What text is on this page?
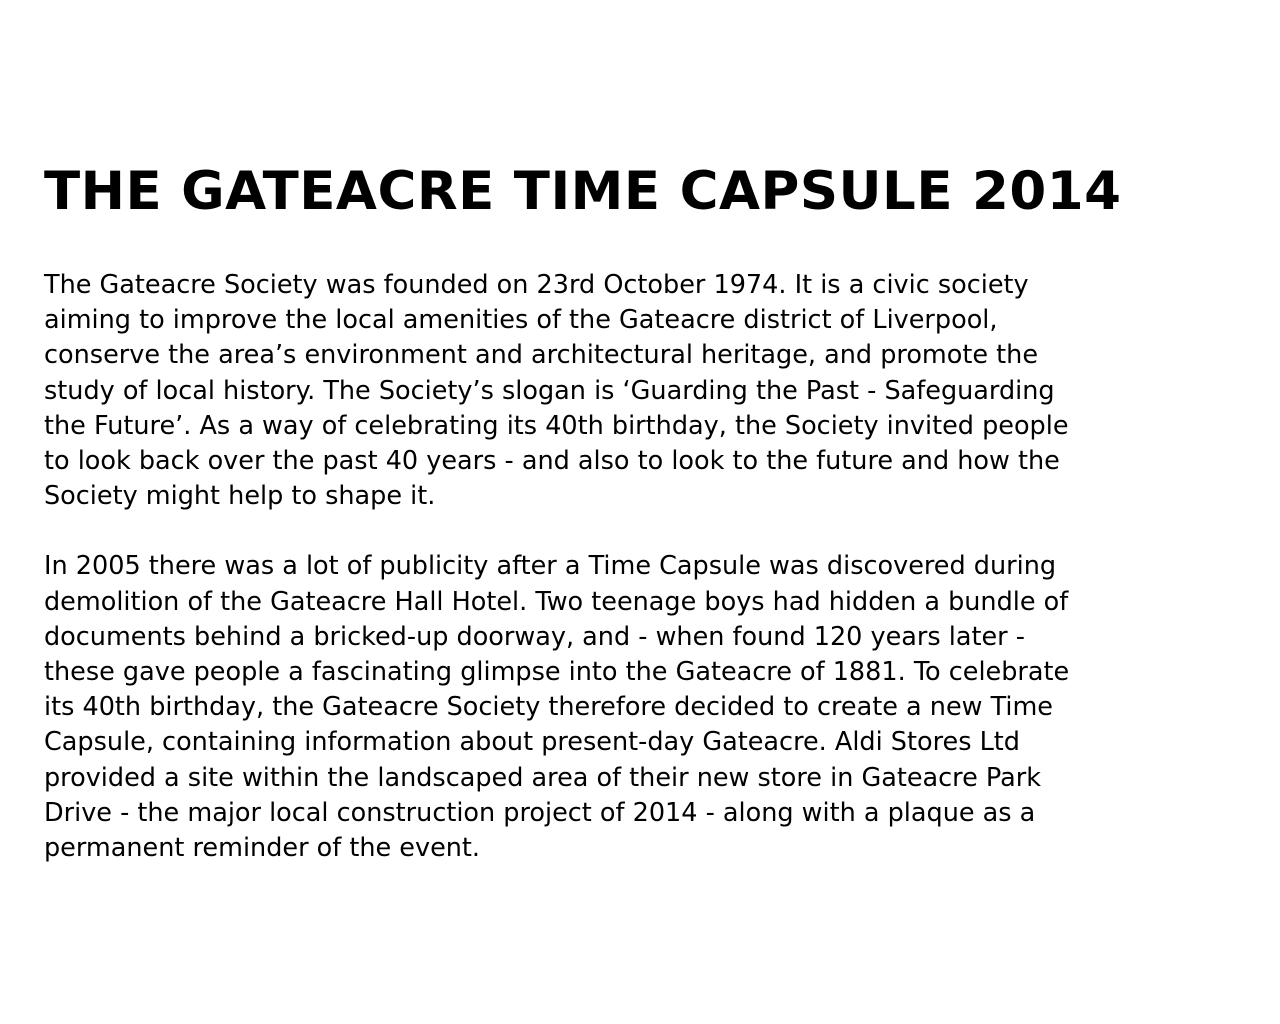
THE GATEACRE TIME CAPSULE 2014

The Gateacre Society was founded on 23rd October 1974. It is a civic society
aiming to improve the local amenities of the Gateacre district of Liverpool,
conserve the area’s environment and architectural heritage, and promote the
study of local history. The Society’s slogan is ‘Guarding the Past - Safeguarding
the Future’. As a way of celebrating its 40th birthday, the Society invited people
to look back over the past 40 years - and also to look to the future and how the
Society might help to shape it.

In 2005 there was a lot of publicity after a Time Capsule was discovered during
demolition of the Gateacre Hall Hotel. Two teenage boys had hidden a bundle of
documents behind a bricked-up doorway, and - when found 120 years later -
these gave people a fascinating glimpse into the Gateacre of 1881. To celebrate
its 40th birthday, the Gateacre Society therefore decided to create a new Time
Capsule, containing information about present-day Gateacre. Aldi Stores Ltd
provided a site within the landscaped area of their new store in Gateacre Park
Drive - the major local construction project of 2014 - along with a plaque as a
permanent reminder of the event.
